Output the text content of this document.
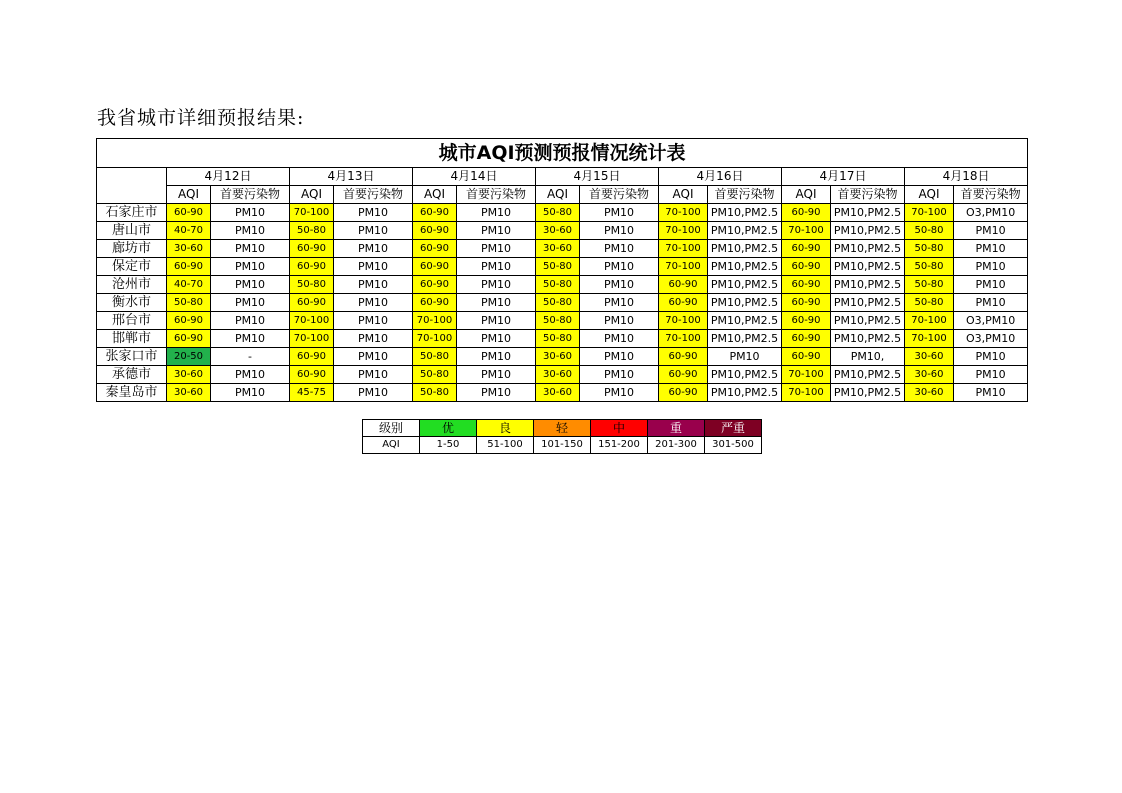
我省城市详细预报结果:
城市AQI预测预报情况统计表														
	4月12日		4月13日		4月14日		4月15日		4月16日		4月17日		4月18日	
	AQI	首要污染物	AQI	首要污染物	AQI	首要污染物	AQI	首要污染物	AQI	首要污染物	AQI	首要污染物	AQI	首要污染物
石家庄市	60-90	PM10	70-100	PM10	60-90	PM10	50-80	PM10	70-100	PM10,PM2.5	60-90	PM10,PM2.5	70-100	O3,PM10
唐山市	40-70	PM10	50-80	PM10	60-90	PM10	30-60	PM10	70-100	PM10,PM2.5	70-100	PM10,PM2.5	50-80	PM10
廊坊市	30-60	PM10	60-90	PM10	60-90	PM10	30-60	PM10	70-100	PM10,PM2.5	60-90	PM10,PM2.5	50-80	PM10
保定市	60-90	PM10	60-90	PM10	60-90	PM10	50-80	PM10	70-100	PM10,PM2.5	60-90	PM10,PM2.5	50-80	PM10
沧州市	40-70	PM10	50-80	PM10	60-90	PM10	50-80	PM10	60-90	PM10,PM2.5	60-90	PM10,PM2.5	50-80	PM10
衡水市	50-80	PM10	60-90	PM10	60-90	PM10	50-80	PM10	60-90	PM10,PM2.5	60-90	PM10,PM2.5	50-80	PM10
邢台市	60-90	PM10	70-100	PM10	70-100	PM10	50-80	PM10	70-100	PM10,PM2.5	60-90	PM10,PM2.5	70-100	O3,PM10
邯郸市	60-90	PM10	70-100	PM10	70-100	PM10	50-80	PM10	70-100	PM10,PM2.5	60-90	PM10,PM2.5	70-100	O3,PM10
张家口市	20-50	-	60-90	PM10	50-80	PM10	30-60	PM10	60-90	PM10	60-90	PM10,	30-60	PM10
承德市	30-60	PM10	60-90	PM10	50-80	PM10	30-60	PM10	60-90	PM10,PM2.5	70-100	PM10,PM2.5	30-60	PM10
秦皇岛市	30-60	PM10	45-75	PM10	50-80	PM10	30-60	PM10	60-90	PM10,PM2.5	70-100	PM10,PM2.5	30-60	PM10
级别	优	良	轻	中	重	严重
AQI	1-50	51-100	101-150	151-200	201-300	301-500
